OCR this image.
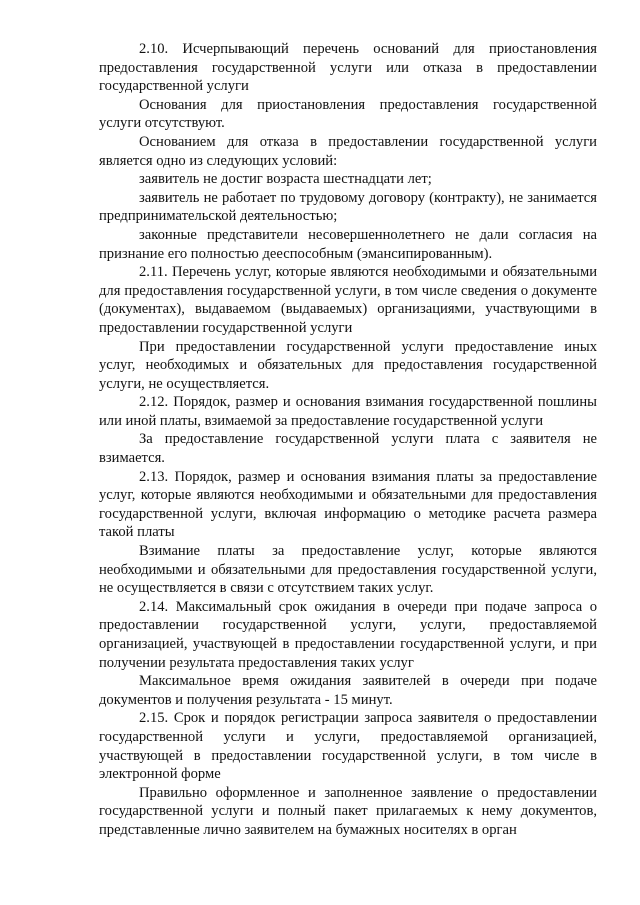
2.10. Исчерпывающий перечень оснований для приостановления предоставления государственной услуги или отказа в предоставлении государственной услуги

Основания для приостановления предоставления государственной услуги отсутствуют.

Основанием для отказа в предоставлении государственной услуги является одно из следующих условий:

заявитель не достиг возраста шестнадцати лет;

заявитель не работает по трудовому договору (контракту), не занимается предпринимательской деятельностью;

законные представители несовершеннолетнего не дали согласия на признание его полностью дееспособным (эмансипированным).

2.11. Перечень услуг, которые являются необходимыми и обязательными для предоставления государственной услуги, в том числе сведения о документе (документах), выдаваемом (выдаваемых) организациями, участвующими в предоставлении государственной услуги

При предоставлении государственной услуги предоставление иных услуг, необходимых и обязательных для предоставления государственной услуги, не осуществляется.

2.12. Порядок, размер и основания взимания государственной пошлины или иной платы, взимаемой за предоставление государственной услуги

За предоставление государственной услуги плата с заявителя не взимается.

2.13. Порядок, размер и основания взимания платы за предоставление услуг, которые являются необходимыми и обязательными для предоставления государственной услуги, включая информацию о методике расчета размера такой платы

Взимание платы за предоставление услуг, которые являются необходимыми и обязательными для предоставления государственной услуги, не осуществляется в связи с отсутствием таких услуг.

2.14. Максимальный срок ожидания в очереди при подаче запроса о предоставлении государственной услуги, услуги, предоставляемой организацией, участвующей в предоставлении государственной услуги, и при получении результата предоставления таких услуг

Максимальное время ожидания заявителей в очереди при подаче документов и получения результата - 15 минут.

2.15. Срок и порядок регистрации запроса заявителя о предоставлении государственной услуги и услуги, предоставляемой организацией, участвующей в предоставлении государственной услуги, в том числе в электронной форме

Правильно оформленное и заполненное заявление о предоставлении государственной услуги и полный пакет прилагаемых к нему документов, представленные лично заявителем на бумажных носителях в орган
